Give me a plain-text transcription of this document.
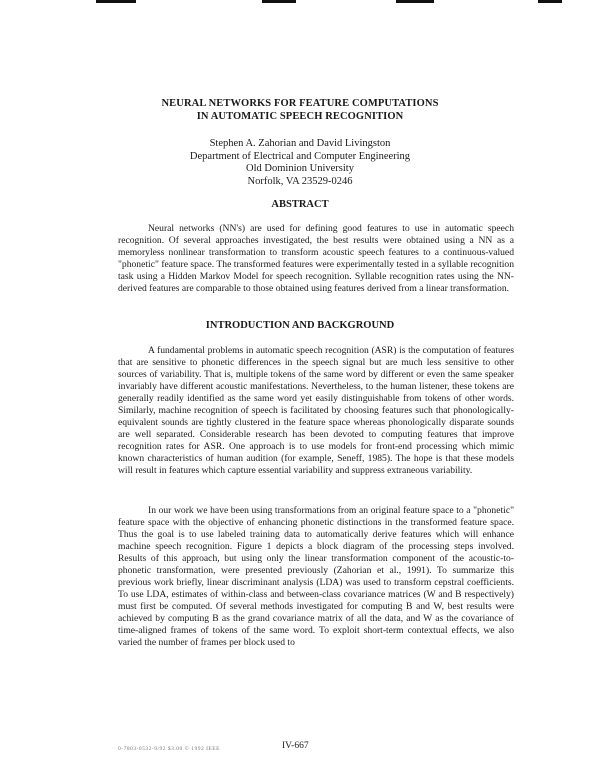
NEURAL NETWORKS FOR FEATURE COMPUTATIONS
IN AUTOMATIC SPEECH RECOGNITION
Stephen A. Zahorian and David Livingston
Department of Electrical and Computer Engineering
Old Dominion University
Norfolk, VA 23529-0246
ABSTRACT

Neural networks (NN's) are used for defining good features to use in automatic speech recognition. Of several approaches investigated, the best results were obtained using a NN as a memoryless nonlinear transformation to transform acoustic speech features to a continuous-valued "phonetic" feature space. The transformed features were experimentally tested in a syllable recognition task using a Hidden Markov Model for speech recognition. Syllable recognition rates using the NN-derived features are comparable to those obtained using features derived from a linear transformation.

INTRODUCTION AND BACKGROUND

A fundamental problems in automatic speech recognition (ASR) is the computation of features that are sensitive to phonetic differences in the speech signal but are much less sensitive to other sources of variability. That is, multiple tokens of the same word by different or even the same speaker invariably have different acoustic manifestations. Nevertheless, to the human listener, these tokens are generally readily identified as the same word yet easily distinguishable from tokens of other words. Similarly, machine recognition of speech is facilitated by choosing features such that phonologically-equivalent sounds are tightly clustered in the feature space whereas phonologically disparate sounds are well separated. Considerable research has been devoted to computing features that improve recognition rates for ASR. One approach is to use models for front-end processing which mimic known characteristics of human audition (for example, Seneff, 1985). The hope is that these models will result in features which capture essential variability and suppress extraneous variability.

In our work we have been using transformations from an original feature space to a "phonetic" feature space with the objective of enhancing phonetic distinctions in the transformed feature space. Thus the goal is to use labeled training data to automatically derive features which will enhance machine speech recognition. Figure 1 depicts a block diagram of the processing steps involved. Results of this approach, but using only the linear transformation component of the acoustic-to-phonetic transformation, were presented previously (Zahorian et al., 1991). To summarize this previous work briefly, linear discriminant analysis (LDA) was used to transform cepstral coefficients. To use LDA, estimates of within-class and between-class covariance matrices (W and B respectively) must first be computed. Of several methods investigated for computing B and W, best results were achieved by computing B as the grand covariance matrix of all the data, and W as the covariance of time-aligned frames of tokens of the same word. To exploit short-term contextual effects, we also varied the number of frames per block used to

0-7803-0532-9/92 $3.00 © 1992 IEEE	IV-667
